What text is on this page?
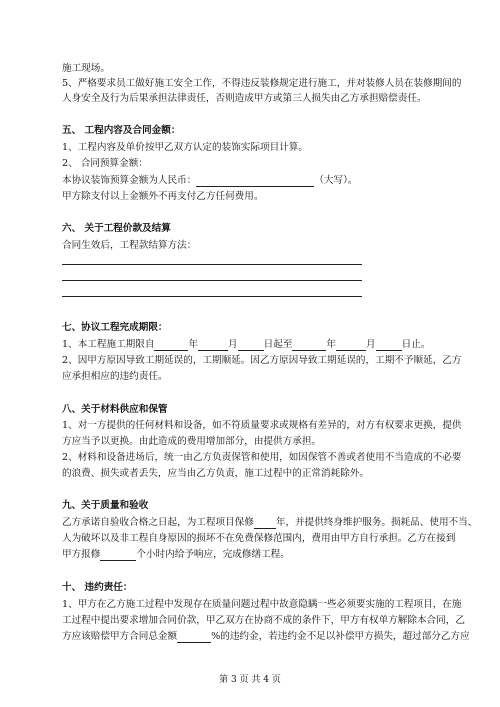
施工现场。
5、严格要求员工做好施工安全工作，不得违反装修规定进行施工，并对装修人员在装修期间的
人身安全及行为后果承担法律责任，否则造成甲方或第三人损失由乙方承担赔偿责任。
五、 工程内容及合同金额：
1、工程内容及单价按甲乙双方认定的装饰实际项目计算。
2、 合同预算金额：
本协议装饰预算金额为人民币：	（大写）。
甲方除支付以上金额外不再支付乙方任何费用。
六、 关于工程价款及结算
合同生效后，工程款结算方法：
七、协议工程完成期限：
1、本工程施工期限自	年	月	日起至	年	月	日止。
2、因甲方原因导致工期延误的，工期顺延。因乙方原因导致工期延误的，工期不予顺延，乙方
应承担相应的违约责任。
八、关于材料供应和保管
1、对一方提供的任何材料和设备，如不符质量要求或规格有差异的，对方有权要求更换，提供
方应当予以更换。由此造成的费用增加部分，由提供方承担。
2、材料和设备进场后，统一由乙方负责保管和使用，如因保管不善或者使用不当造成的不必要
的浪费、损失或者丢失，应当由乙方负责，施工过程中的正常消耗除外。
九、关于质量和验收
乙方承诺自验收合格之日起，为工程项目保修 年，并提供终身维护服务。损耗品、使用不当、
人为破坏以及非工程自身原因的损坏不在免费保修范围内，费用由甲方自行承担。乙方在接到
甲方报修	个小时内给予响应，完成修缮工程。
十、 违约责任：
1、甲方在乙方施工过程中发现存在质量问题过程中故意隐瞒一些必须要实施的工程项目，在施
工过程中提出要求增加合同价款，甲乙双方在协商不成的条件下，甲方有权单方解除本合同，乙
方应该赔偿甲方合同总金额	%的违约金，若违约金不足以补偿甲方损失，超过部分乙方应
第 3 页 共 4 页
